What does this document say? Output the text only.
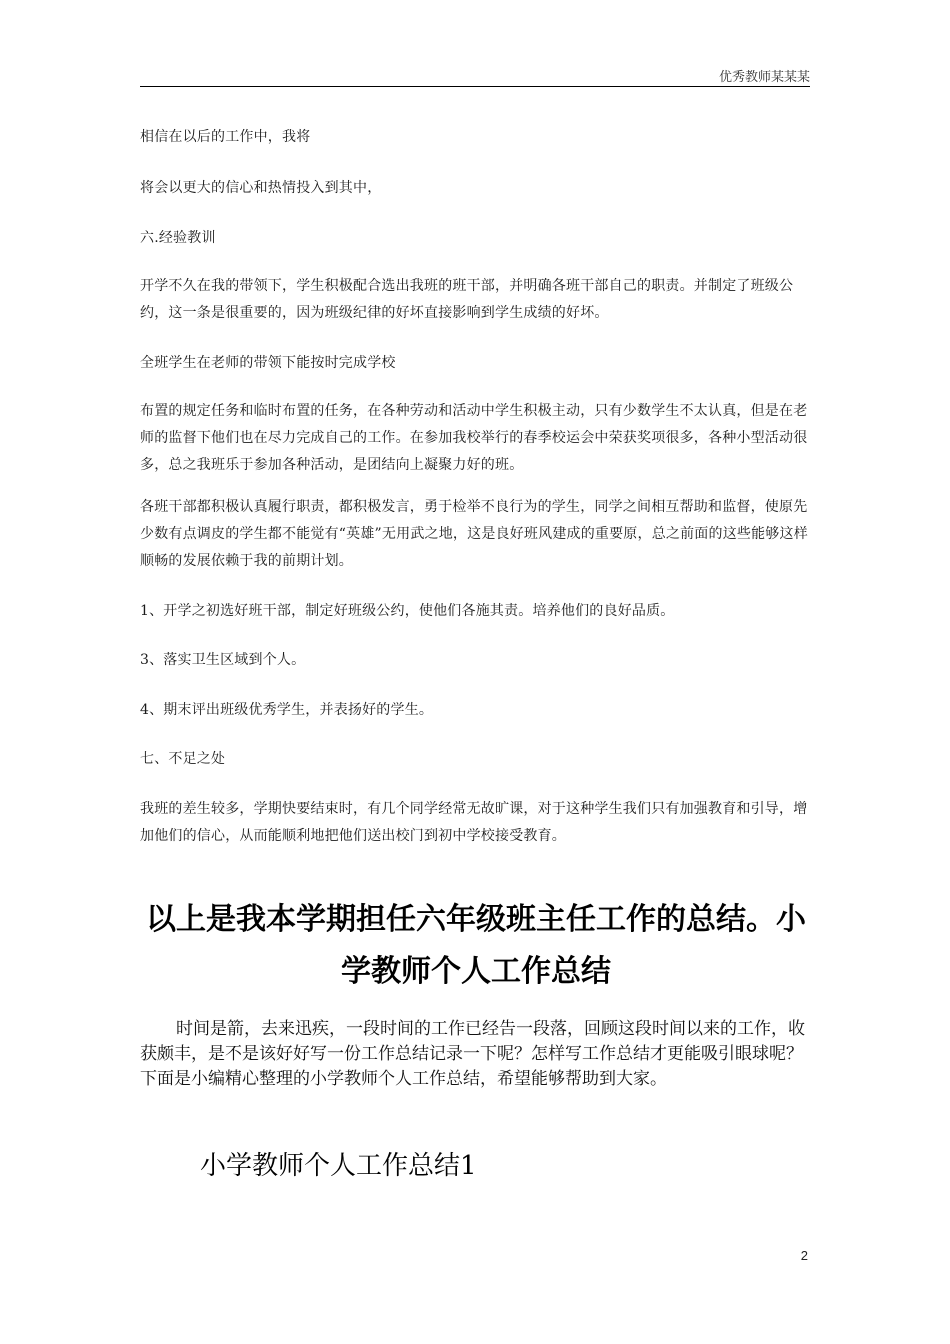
优秀教师某某某
相信在以后的工作中，我将
将会以更大的信心和热情投入到其中，
六.经验教训
开学不久在我的带领下，学生积极配合选出我班的班干部，并明确各班干部自己的职责。并制定了班级公约，这一条是很重要的，因为班级纪律的好坏直接影响到学生成绩的好坏。
全班学生在老师的带领下能按时完成学校
布置的规定任务和临时布置的任务，在各种劳动和活动中学生积极主动，只有少数学生不太认真，但是在老师的监督下他们也在尽力完成自己的工作。在参加我校举行的春季校运会中荣获奖项很多，各种小型活动很多，总之我班乐于参加各种活动，是团结向上凝聚力好的班。
各班干部都积极认真履行职责，都积极发言，勇于检举不良行为的学生，同学之间相互帮助和监督，使原先少数有点调皮的学生都不能觉有“英雄”无用武之地，这是良好班风建成的重要原，总之前面的这些能够这样顺畅的发展依赖于我的前期计划。
1、开学之初选好班干部，制定好班级公约，使他们各施其责。培养他们的良好品质。
3、落实卫生区域到个人。
4、期末评出班级优秀学生，并表扬好的学生。
七、不足之处
我班的差生较多，学期快要结束时，有几个同学经常无故旷课，对于这种学生我们只有加强教育和引导，增加他们的信心，从而能顺利地把他们送出校门到初中学校接受教育。
以上是我本学期担任六年级班主任工作的总结。小学教师个人工作总结
时间是箭，去来迅疾，一段时间的工作已经告一段落，回顾这段时间以来的工作，收获颇丰，是不是该好好写一份工作总结记录一下呢？怎样写工作总结才更能吸引眼球呢？下面是小编精心整理的小学教师个人工作总结，希望能够帮助到大家。
小学教师个人工作总结1
2
